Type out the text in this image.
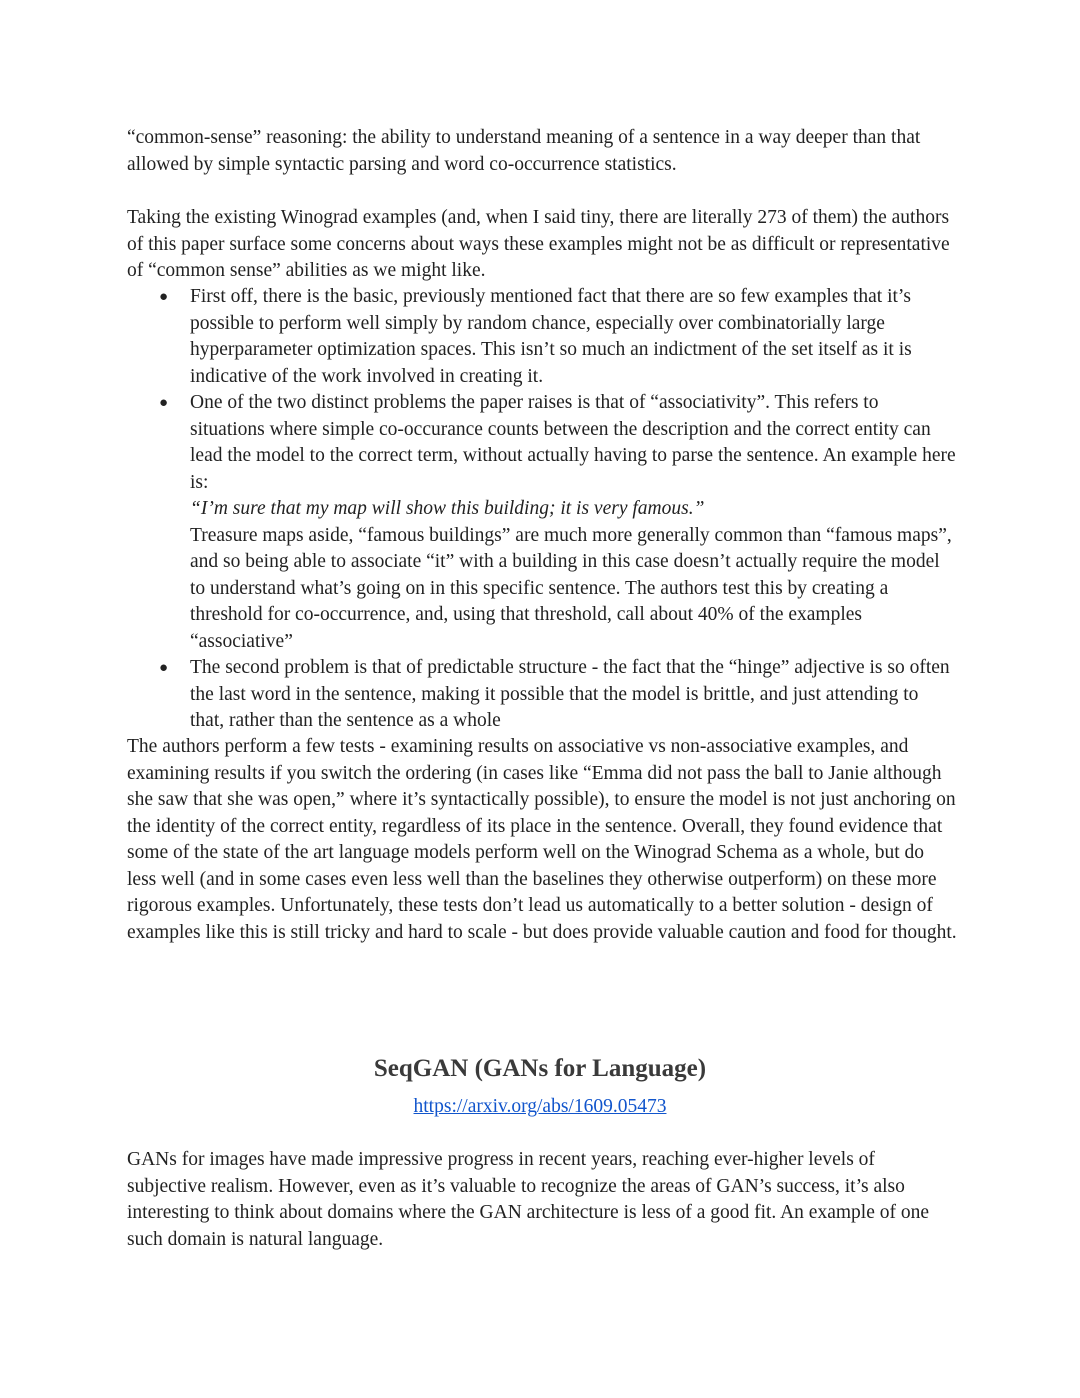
“common-sense” reasoning: the ability to understand meaning of a sentence in a way deeper than that allowed by simple syntactic parsing and word co-occurrence statistics.

Taking the existing Winograd examples (and, when I said tiny, there are literally 273 of them) the authors of this paper surface some concerns about ways these examples might not be as difficult or representative of “common sense” abilities as we might like.

● First off, there is the basic, previously mentioned fact that there are so few examples that it’s possible to perform well simply by random chance, especially over combinatorially large hyperparameter optimization spaces. This isn’t so much an indictment of the set itself as it is indicative of the work involved in creating it.
● One of the two distinct problems the paper raises is that of “associativity”. This refers to situations where simple co-occurance counts between the description and the correct entity can lead the model to the correct term, without actually having to parse the sentence. An example here is:
“I’m sure that my map will show this building; it is very famous.”
Treasure maps aside, “famous buildings” are much more generally common than “famous maps”, and so being able to associate “it” with a building in this case doesn’t actually require the model to understand what’s going on in this specific sentence. The authors test this by creating a threshold for co-occurrence, and, using that threshold, call about 40% of the examples “associative”
● The second problem is that of predictable structure - the fact that the “hinge” adjective is so often the last word in the sentence, making it possible that the model is brittle, and just attending to that, rather than the sentence as a whole

The authors perform a few tests - examining results on associative vs non-associative examples, and examining results if you switch the ordering (in cases like “Emma did not pass the ball to Janie although she saw that she was open,” where it’s syntactically possible), to ensure the model is not just anchoring on the identity of the correct entity, regardless of its place in the sentence. Overall, they found evidence that some of the state of the art language models perform well on the Winograd Schema as a whole, but do less well (and in some cases even less well than the baselines they otherwise outperform) on these more rigorous examples. Unfortunately, these tests don’t lead us automatically to a better solution - design of examples like this is still tricky and hard to scale - but does provide valuable caution and food for thought.

SeqGAN (GANs for Language)
https://arxiv.org/abs/1609.05473

GANs for images have made impressive progress in recent years, reaching ever-higher levels of subjective realism. However, even as it’s valuable to recognize the areas of GAN’s success, it’s also interesting to think about domains where the GAN architecture is less of a good fit. An example of one such domain is natural language.
